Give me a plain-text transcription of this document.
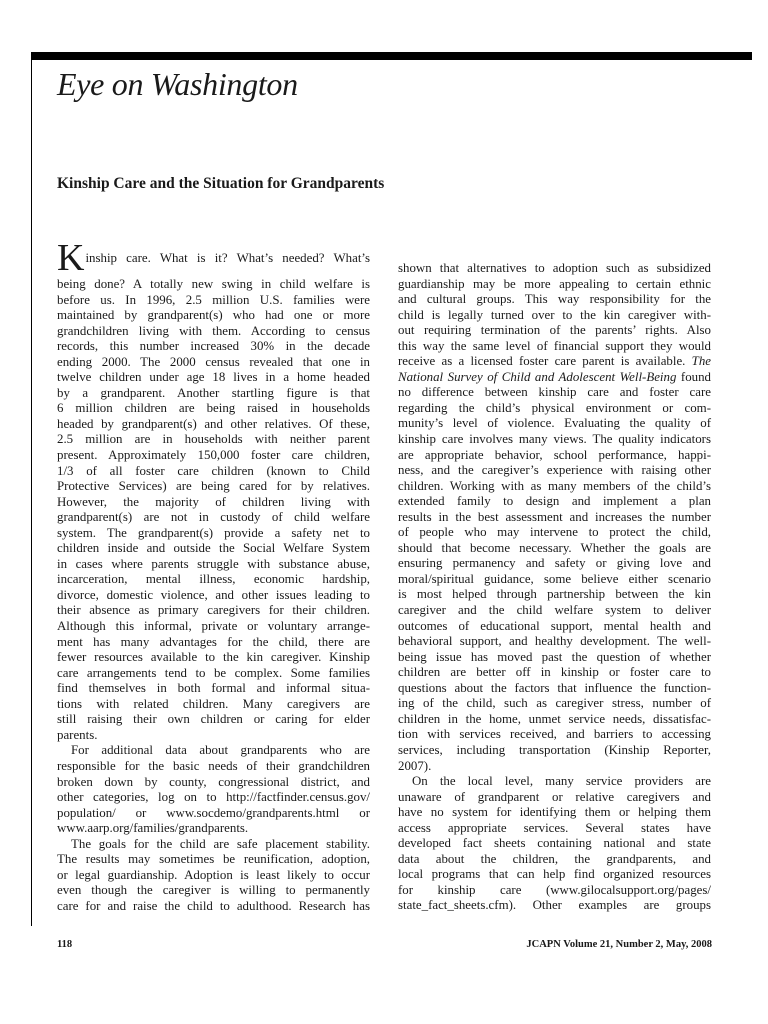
Eye on Washington
Kinship Care and the Situation for Grandparents
Kinship care. What is it? What’s needed? What’s
being done? A totally new swing in child welfare is
before us. In 1996, 2.5 million U.S. families were
maintained by grandparent(s) who had one or more
grandchildren living with them. According to census
records, this number increased 30% in the decade
ending 2000. The 2000 census revealed that one in
twelve children under age 18 lives in a home headed
by a grandparent. Another startling figure is that
6 million children are being raised in households
headed by grandparent(s) and other relatives. Of these,
2.5 million are in households with neither parent
present. Approximately 150,000 foster care children,
1/3 of all foster care children (known to Child
Protective Services) are being cared for by relatives.
However, the majority of children living with
grandparent(s) are not in custody of child welfare
system. The grandparent(s) provide a safety net to
children inside and outside the Social Welfare System
in cases where parents struggle with substance abuse,
incarceration, mental illness, economic hardship,
divorce, domestic violence, and other issues leading to
their absence as primary caregivers for their children.
Although this informal, private or voluntary arrange-
ment has many advantages for the child, there are
fewer resources available to the kin caregiver. Kinship
care arrangements tend to be complex. Some families
find themselves in both formal and informal situa-
tions with related children. Many caregivers are
still raising their own children or caring for elder
parents.
For additional data about grandparents who are
responsible for the basic needs of their grandchildren
broken down by county, congressional district, and
other categories, log on to http://factfinder.census.gov/
population/ or www.socdemo/grandparents.html or
www.aarp.org/families/grandparents.
The goals for the child are safe placement stability.
The results may sometimes be reunification, adoption,
or legal guardianship. Adoption is least likely to occur
even though the caregiver is willing to permanently
care for and raise the child to adulthood. Research has
shown that alternatives to adoption such as subsidized
guardianship may be more appealing to certain ethnic
and cultural groups. This way responsibility for the
child is legally turned over to the kin caregiver with-
out requiring termination of the parents’ rights. Also
this way the same level of financial support they would
receive as a licensed foster care parent is available. The
National Survey of Child and Adolescent Well-Being found
no difference between kinship care and foster care
regarding the child’s physical environment or com-
munity’s level of violence. Evaluating the quality of
kinship care involves many views. The quality indicators
are appropriate behavior, school performance, happi-
ness, and the caregiver’s experience with raising other
children. Working with as many members of the child’s
extended family to design and implement a plan
results in the best assessment and increases the number
of people who may intervene to protect the child,
should that become necessary. Whether the goals are
ensuring permanency and safety or giving love and
moral/spiritual guidance, some believe either scenario
is most helped through partnership between the kin
caregiver and the child welfare system to deliver
outcomes of educational support, mental health and
behavioral support, and healthy development. The well-
being issue has moved past the question of whether
children are better off in kinship or foster care to
questions about the factors that influence the function-
ing of the child, such as caregiver stress, number of
children in the home, unmet service needs, dissatisfac-
tion with services received, and barriers to accessing
services, including transportation (Kinship Reporter,
2007).
On the local level, many service providers are
unaware of grandparent or relative caregivers and
have no system for identifying them or helping them
access appropriate services. Several states have
developed fact sheets containing national and state
data about the children, the grandparents, and
local programs that can help find organized resources
for kinship care (www.gilocalsupport.org/pages/
state_fact_sheets.cfm). Other examples are groups
118	JCAPN Volume 21, Number 2, May, 2008
